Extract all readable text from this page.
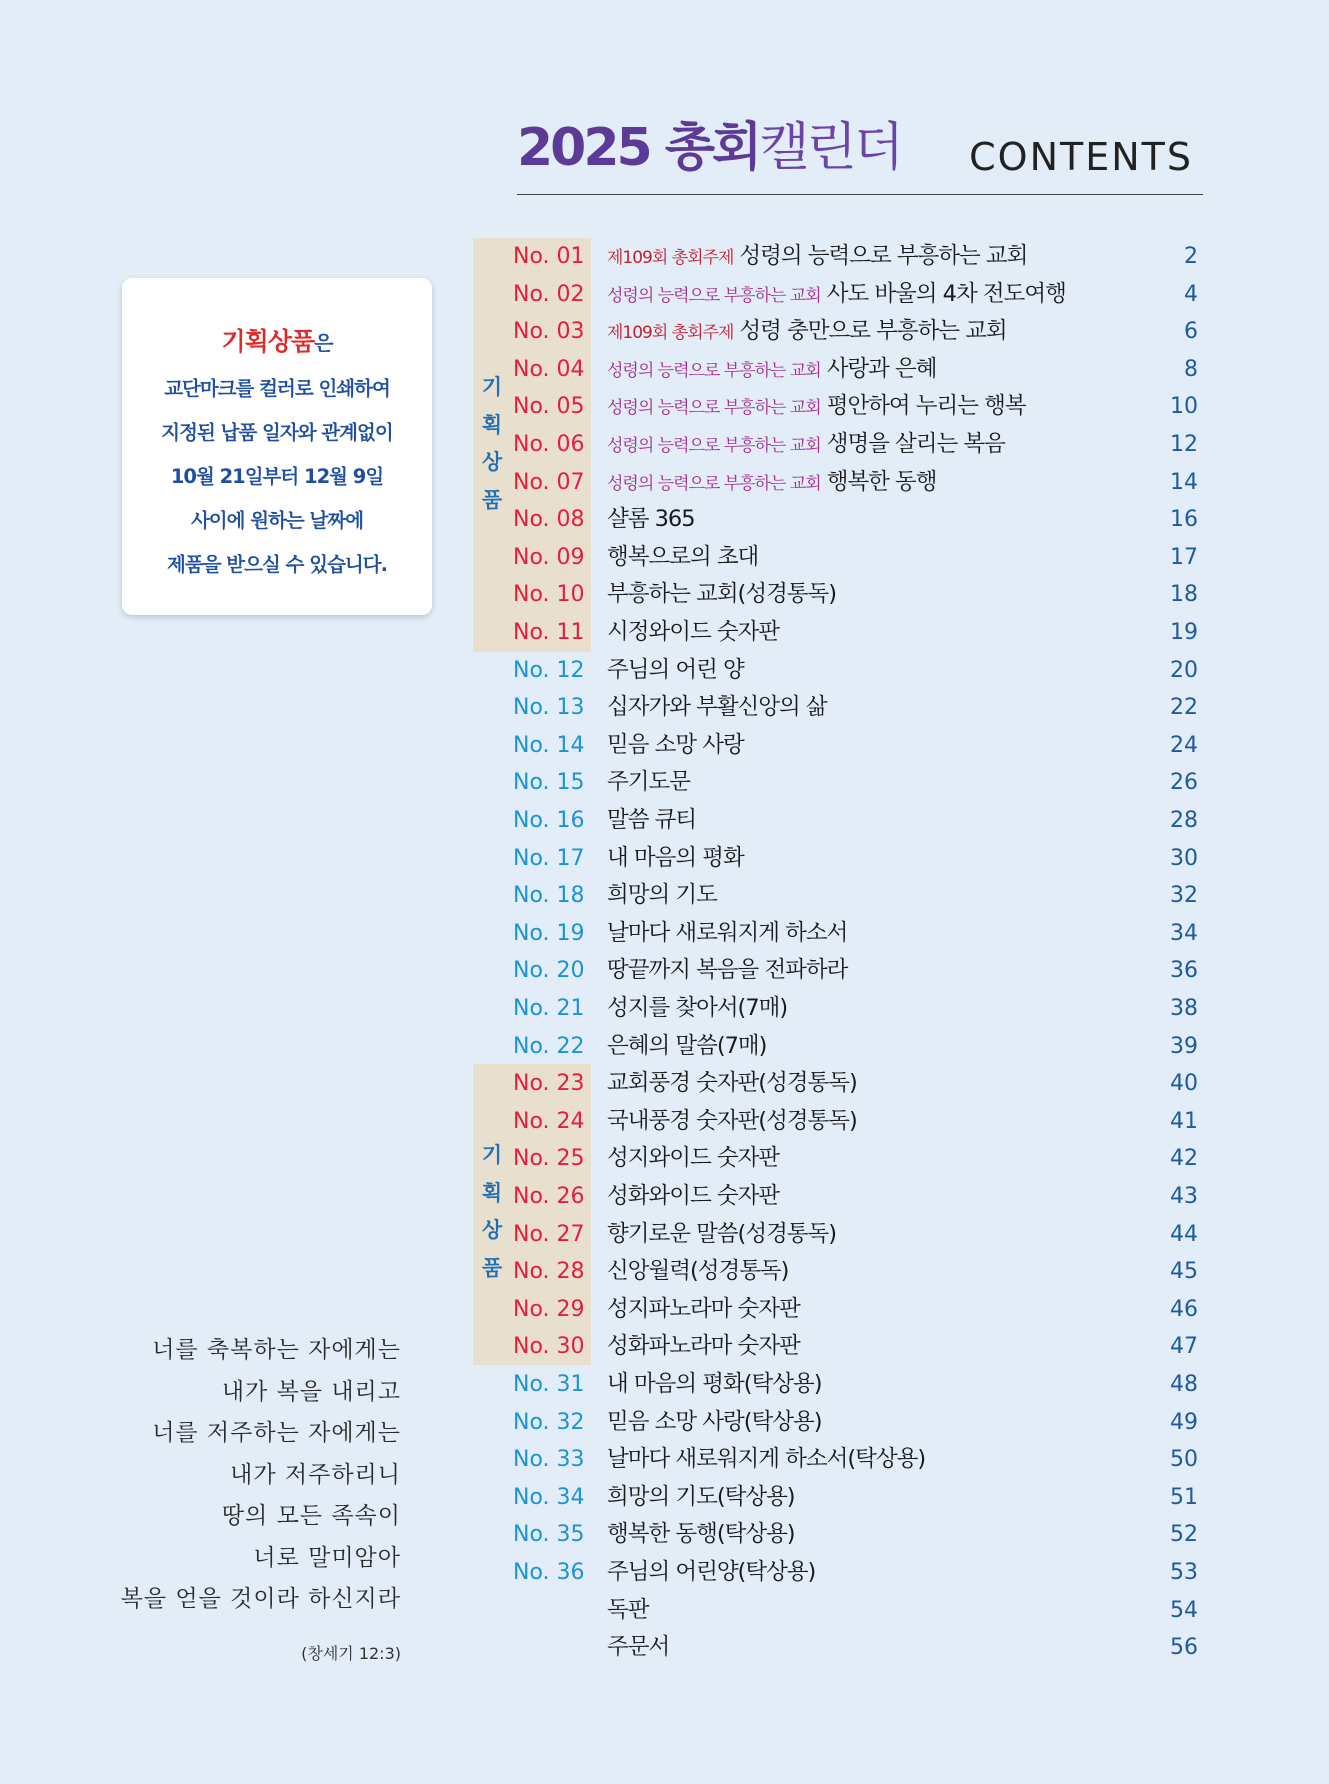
2025 총회캘린더 CONTENTS
기획상품은
교단마크를 컬러로 인쇄하여
지정된 납품 일자와 관계없이
10월 21일부터 12월 9일
사이에 원하는 날짜에
제품을 받으실 수 있습니다.
기
획
상
품
기
획
상
품
No. 01	제109회 총회주제 성령의 능력으로 부흥하는 교회	2
No. 02	성령의 능력으로 부흥하는 교회 사도 바울의 4차 전도여행	4
No. 03	제109회 총회주제 성령 충만으로 부흥하는 교회	6
No. 04	성령의 능력으로 부흥하는 교회 사랑과 은혜	8
No. 05	성령의 능력으로 부흥하는 교회 평안하여 누리는 행복	10
No. 06	성령의 능력으로 부흥하는 교회 생명을 살리는 복음	12
No. 07	성령의 능력으로 부흥하는 교회 행복한 동행	14
No. 08 샬롬 365	16
No. 09 행복으로의 초대	17
No. 10 부흥하는 교회(성경통독)	18
No. 11 시정와이드 숫자판	19
No. 12 주님의 어린 양	20
No. 13 십자가와 부활신앙의 삶	22
No. 14 믿음 소망 사랑	24
No. 15 주기도문	26
No. 16 말씀 큐티	28
No. 17 내 마음의 평화	30
No. 18 희망의 기도	32
No. 19 날마다 새로워지게 하소서	34
No. 20 땅끝까지 복음을 전파하라	36
No. 21 성지를 찾아서(7매)	38
No. 22 은혜의 말씀(7매)	39
No. 23 교회풍경 숫자판(성경통독)	40
No. 24 국내풍경 숫자판(성경통독)	41
No. 25 성지와이드 숫자판	42
No. 26 성화와이드 숫자판	43
No. 27 향기로운 말씀(성경통독)	44
No. 28 신앙월력(성경통독)	45
No. 29 성지파노라마 숫자판	46
No. 30 성화파노라마 숫자판	47
No. 31 내 마음의 평화(탁상용)	48
No. 32 믿음 소망 사랑(탁상용)	49
No. 33 날마다 새로워지게 하소서(탁상용)	50
No. 34 희망의 기도(탁상용)	51
No. 35 행복한 동행(탁상용)	52
No. 36 주님의 어린양(탁상용)	53
독판	54
주문서	56
너를 축복하는 자에게는
내가 복을 내리고
너를 저주하는 자에게는
내가 저주하리니
땅의 모든 족속이
너로 말미암아
복을 얻을 것이라 하신지라
(창세기 12:3)
